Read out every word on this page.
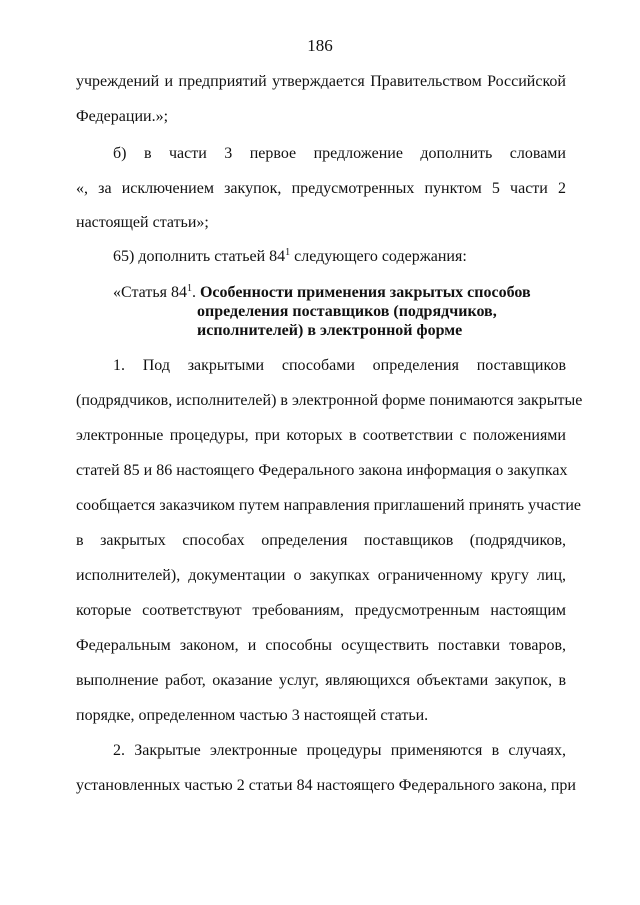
186
учреждений и предприятий утверждается Правительством Российской
Федерации.»;
б) в части 3 первое предложение дополнить словами
«, за исключением закупок, предусмотренных пунктом 5 части 2
настоящей статьи»;
65) дополнить статьей $84^1$ следующего содержания:
«Статья $84^1$. Особенности применения закрытых способов
определения поставщиков (подрядчиков,
исполнителей) в электронной форме
1. Под закрытыми способами определения поставщиков
(подрядчиков, исполнителей) в электронной форме понимаются закрытые
электронные процедуры, при которых в соответствии с положениями
статей 85 и 86 настоящего Федерального закона информация о закупках
сообщается заказчиком путем направления приглашений принять участие
в закрытых способах определения поставщиков (подрядчиков,
исполнителей), документации о закупках ограниченному кругу лиц,
которые соответствуют требованиям, предусмотренным настоящим
Федеральным законом, и способны осуществить поставки товаров,
выполнение работ, оказание услуг, являющихся объектами закупок, в
порядке, определенном частью 3 настоящей статьи.
2. Закрытые электронные процедуры применяются в случаях,
установленных частью 2 статьи 84 настоящего Федерального закона, при
